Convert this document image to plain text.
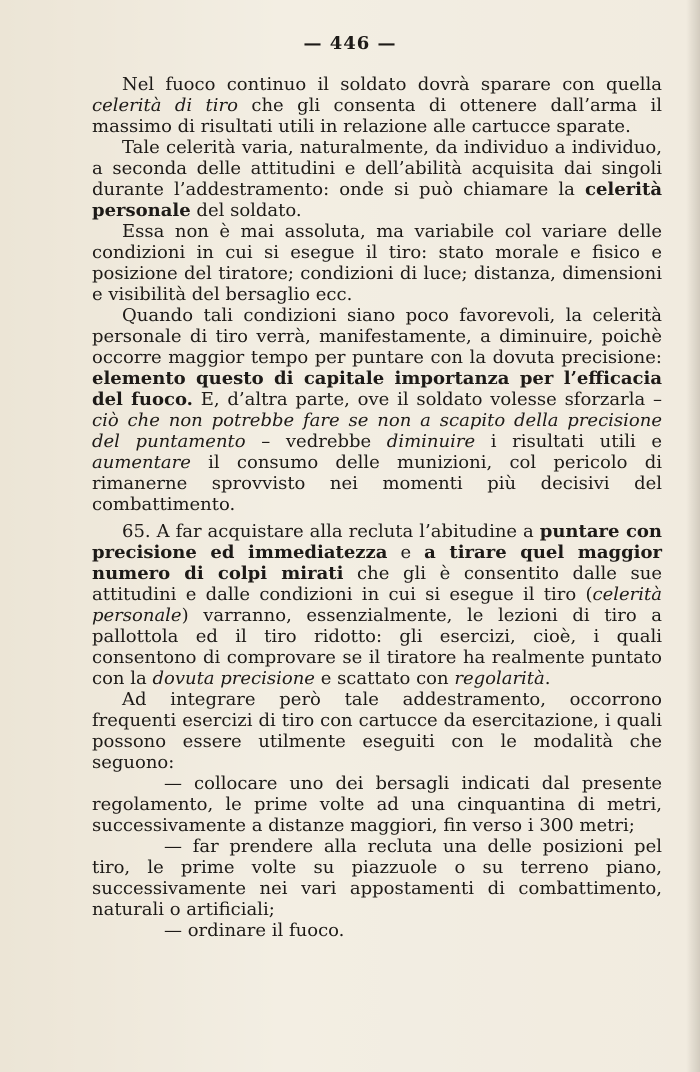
— 446 —

Nel fuoco continuo il soldato dovrà sparare con quella celerità di tiro che gli consenta di ottenere dall’arma il massimo di risultati utili in relazione alle cartucce sparate.

Tale celerità varia, naturalmente, da individuo a individuo, a seconda delle attitudini e dell’abilità acquisita dai singoli durante l’addestramento: onde si può chiamare la celerità personale del soldato.

Essa non è mai assoluta, ma variabile col variare delle condizioni in cui si esegue il tiro: stato morale e fisico e posizione del tiratore; condizioni di luce; distanza, dimensioni e visibilità del bersaglio ecc.

Quando tali condizioni siano poco favorevoli, la celerità personale di tiro verrà, manifestamente, a diminuire, poichè occorre maggior tempo per puntare con la dovuta precisione: elemento questo di capitale importanza per l’efficacia del fuoco. E, d’altra parte, ove il soldato volesse sforzarla – ciò che non potrebbe fare se non a scapito della precisione del puntamento – vedrebbe diminuire i risultati utili e aumentare il consumo delle munizioni, col pericolo di rimanerne sprovvisto nei momenti più decisivi del combattimento.

65. A far acquistare alla recluta l’abitudine a puntare con precisione ed immediatezza e a tirare quel maggior numero di colpi mirati che gli è consentito dalle sue attitudini e dalle condizioni in cui si esegue il tiro (celerità personale) varranno, essenzialmente, le lezioni di tiro a pallottola ed il tiro ridotto: gli esercizi, cioè, i quali consentono di comprovare se il tiratore ha realmente puntato con la dovuta precisione e scattato con regolarità.

Ad integrare però tale addestramento, occorrono frequenti esercizi di tiro con cartucce da esercitazione, i quali possono essere utilmente eseguiti con le modalità che seguono:

— collocare uno dei bersagli indicati dal presente regolamento, le prime volte ad una cinquantina di metri, successivamente a distanze maggiori, fin verso i 300 metri;

— far prendere alla recluta una delle posizioni pel tiro, le prime volte su piazzuole o su terreno piano, successivamente nei vari appostamenti di combattimento, naturali o artificiali;

— ordinare il fuoco.
